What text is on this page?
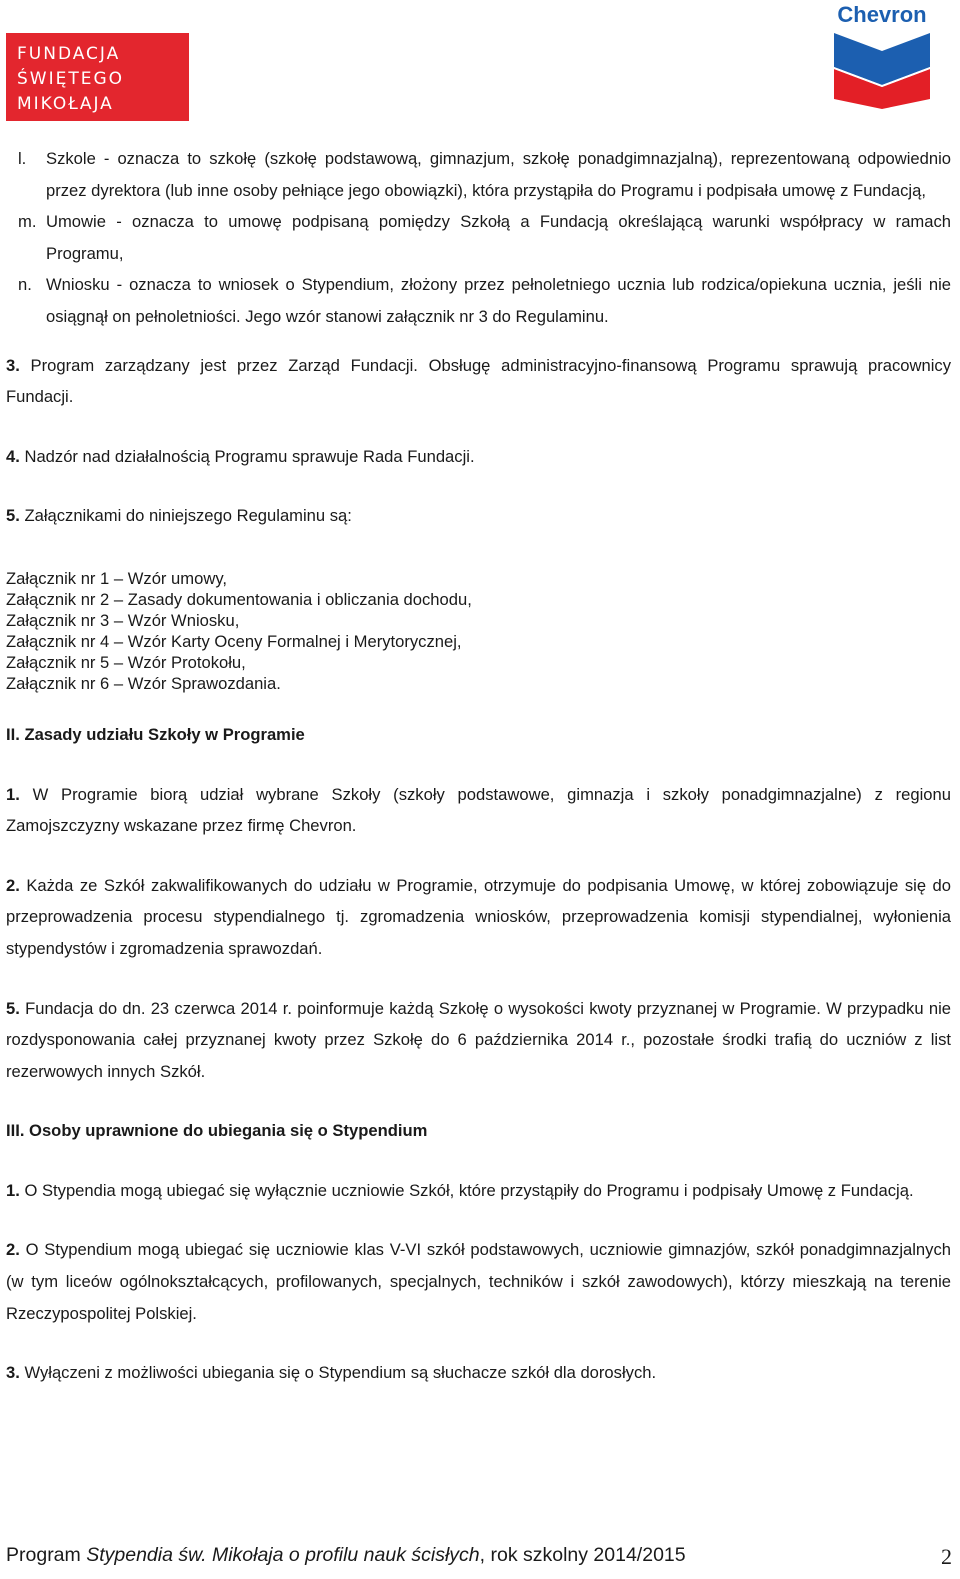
FUNDACJA
ŚWIĘTEGO
MIKOŁAJA
Chevron
l.	Szkole - oznacza to szkołę (szkołę podstawową, gimnazjum, szkołę ponadgimnazjalną), reprezentowaną odpowiednio przez dyrektora (lub inne osoby pełniące jego obowiązki), która przystąpiła do Programu i podpisała umowę z Fundacją,
m. Umowie - oznacza to umowę podpisaną pomiędzy Szkołą a Fundacją określającą warunki współpracy w ramach Programu,
n. Wniosku - oznacza to wniosek o Stypendium, złożony przez pełnoletniego ucznia lub rodzica/opiekuna ucznia, jeśli nie osiągnął on pełnoletniości. Jego wzór stanowi załącznik nr 3 do Regulaminu.

3. Program zarządzany jest przez Zarząd Fundacji. Obsługę administracyjno-finansową Programu sprawują pracownicy Fundacji.

4. Nadzór nad działalnością Programu sprawuje Rada Fundacji.

5. Załącznikami do niniejszego Regulaminu są:

Załącznik nr 1 – Wzór umowy,
Załącznik nr 2 – Zasady dokumentowania i obliczania dochodu,
Załącznik nr 3 – Wzór Wniosku,
Załącznik nr 4 – Wzór Karty Oceny Formalnej i Merytorycznej,
Załącznik nr 5 – Wzór Protokołu,
Załącznik nr 6 – Wzór Sprawozdania.

II. Zasady udziału Szkoły w Programie

1. W Programie biorą udział wybrane Szkoły (szkoły podstawowe, gimnazja i szkoły ponadgimnazjalne) z regionu Zamojszczyzny wskazane przez firmę Chevron.

2. Każda ze Szkół zakwalifikowanych do udziału w Programie, otrzymuje do podpisania Umowę, w której zobowiązuje się do przeprowadzenia procesu stypendialnego tj. zgromadzenia wniosków, przeprowadzenia komisji stypendialnej, wyłonienia stypendystów i zgromadzenia sprawozdań.

5. Fundacja do dn. 23 czerwca 2014 r. poinformuje każdą Szkołę o wysokości kwoty przyznanej w Programie. W przypadku nie rozdysponowania całej przyznanej kwoty przez Szkołę do 6 października 2014 r., pozostałe środki trafią do uczniów z list rezerwowych innych Szkół.

III. Osoby uprawnione do ubiegania się o Stypendium

1. O Stypendia mogą ubiegać się wyłącznie uczniowie Szkół, które przystąpiły do Programu i podpisały Umowę z Fundacją.

2. O Stypendium mogą ubiegać się uczniowie klas V-VI szkół podstawowych, uczniowie gimnazjów, szkół ponadgimnazjalnych (w tym liceów ogólnokształcących, profilowanych, specjalnych, techników i szkół zawodowych), którzy mieszkają na terenie Rzeczypospolitej Polskiej.

3. Wyłączeni z możliwości ubiegania się o Stypendium są słuchacze szkół dla dorosłych.

Program Stypendia św. Mikołaja o profilu nauk ścisłych, rok szkolny 2014/2015	2
